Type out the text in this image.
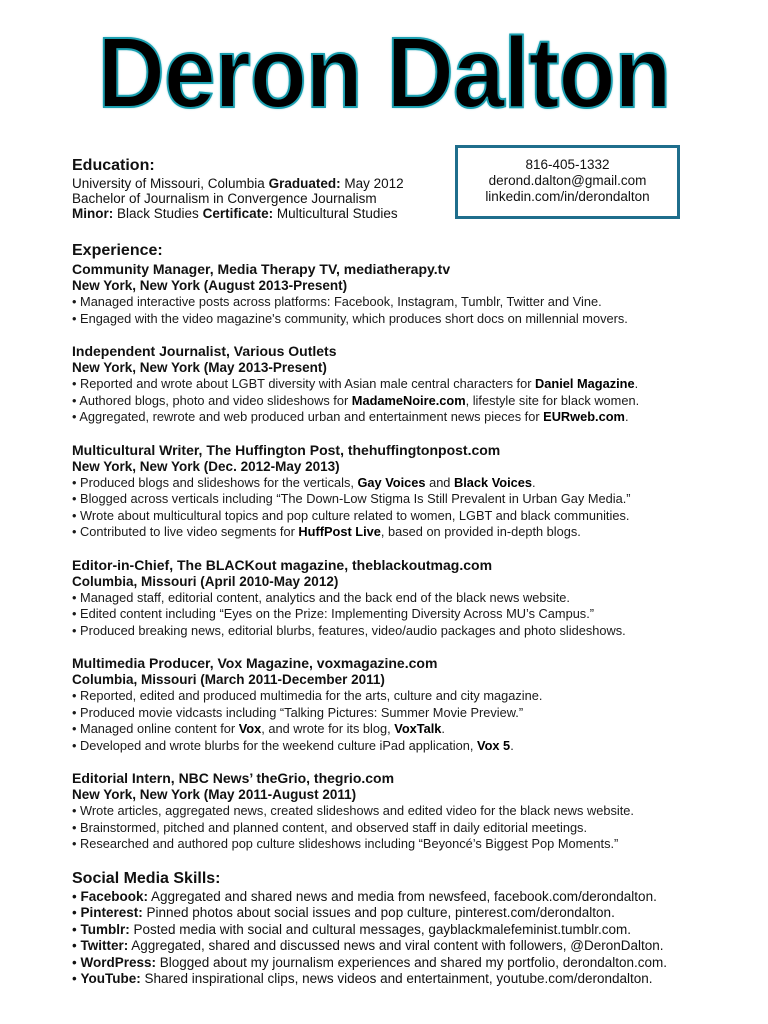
Deron Dalton
Education:
University of Missouri, Columbia Graduated: May 2012
Bachelor of Journalism in Convergence Journalism
Minor: Black Studies Certificate: Multicultural Studies
816-405-1332
derond.dalton@gmail.com
linkedin.com/in/derondalton
Experience:
Community Manager, Media Therapy TV, mediatherapy.tv
New York, New York (August 2013-Present)
• Managed interactive posts across platforms: Facebook, Instagram, Tumblr, Twitter and Vine.
• Engaged with the video magazine's community, which produces short docs on millennial movers.
Independent Journalist, Various Outlets
New York, New York (May 2013-Present)
• Reported and wrote about LGBT diversity with Asian male central characters for Daniel Magazine.
• Authored blogs, photo and video slideshows for MadameNoire.com, lifestyle site for black women.
• Aggregated, rewrote and web produced urban and entertainment news pieces for EURweb.com.
Multicultural Writer, The Huffington Post, thehuffingtonpost.com
New York, New York (Dec. 2012-May 2013)
• Produced blogs and slideshows for the verticals, Gay Voices and Black Voices.
• Blogged across verticals including “The Down-Low Stigma Is Still Prevalent in Urban Gay Media.”
• Wrote about multicultural topics and pop culture related to women, LGBT and black communities.
• Contributed to live video segments for HuffPost Live, based on provided in-depth blogs.
Editor-in-Chief, The BLACKout magazine, theblackoutmag.com
Columbia, Missouri (April 2010-May 2012)
• Managed staff, editorial content, analytics and the back end of the black news website.
• Edited content including “Eyes on the Prize: Implementing Diversity Across MU’s Campus.”
• Produced breaking news, editorial blurbs, features, video/audio packages and photo slideshows.
Multimedia Producer, Vox Magazine, voxmagazine.com
Columbia, Missouri (March 2011-December 2011)
• Reported, edited and produced multimedia for the arts, culture and city magazine.
• Produced movie vidcasts including “Talking Pictures: Summer Movie Preview.”
• Managed online content for Vox, and wrote for its blog, VoxTalk.
• Developed and wrote blurbs for the weekend culture iPad application, Vox 5.
Editorial Intern, NBC News’ theGrio, thegrio.com
New York, New York (May 2011-August 2011)
• Wrote articles, aggregated news, created slideshows and edited video for the black news website.
• Brainstormed, pitched and planned content, and observed staff in daily editorial meetings.
• Researched and authored pop culture slideshows including “Beyoncé’s Biggest Pop Moments.”
Social Media Skills:
• Facebook: Aggregated and shared news and media from newsfeed, facebook.com/derondalton.
• Pinterest: Pinned photos about social issues and pop culture, pinterest.com/derondalton.
• Tumblr: Posted media with social and cultural messages, gayblackmalefeminist.tumblr.com.
• Twitter: Aggregated, shared and discussed news and viral content with followers, @DeronDalton.
• WordPress: Blogged about my journalism experiences and shared my portfolio, derondalton.com.
• YouTube: Shared inspirational clips, news videos and entertainment, youtube.com/derondalton.
